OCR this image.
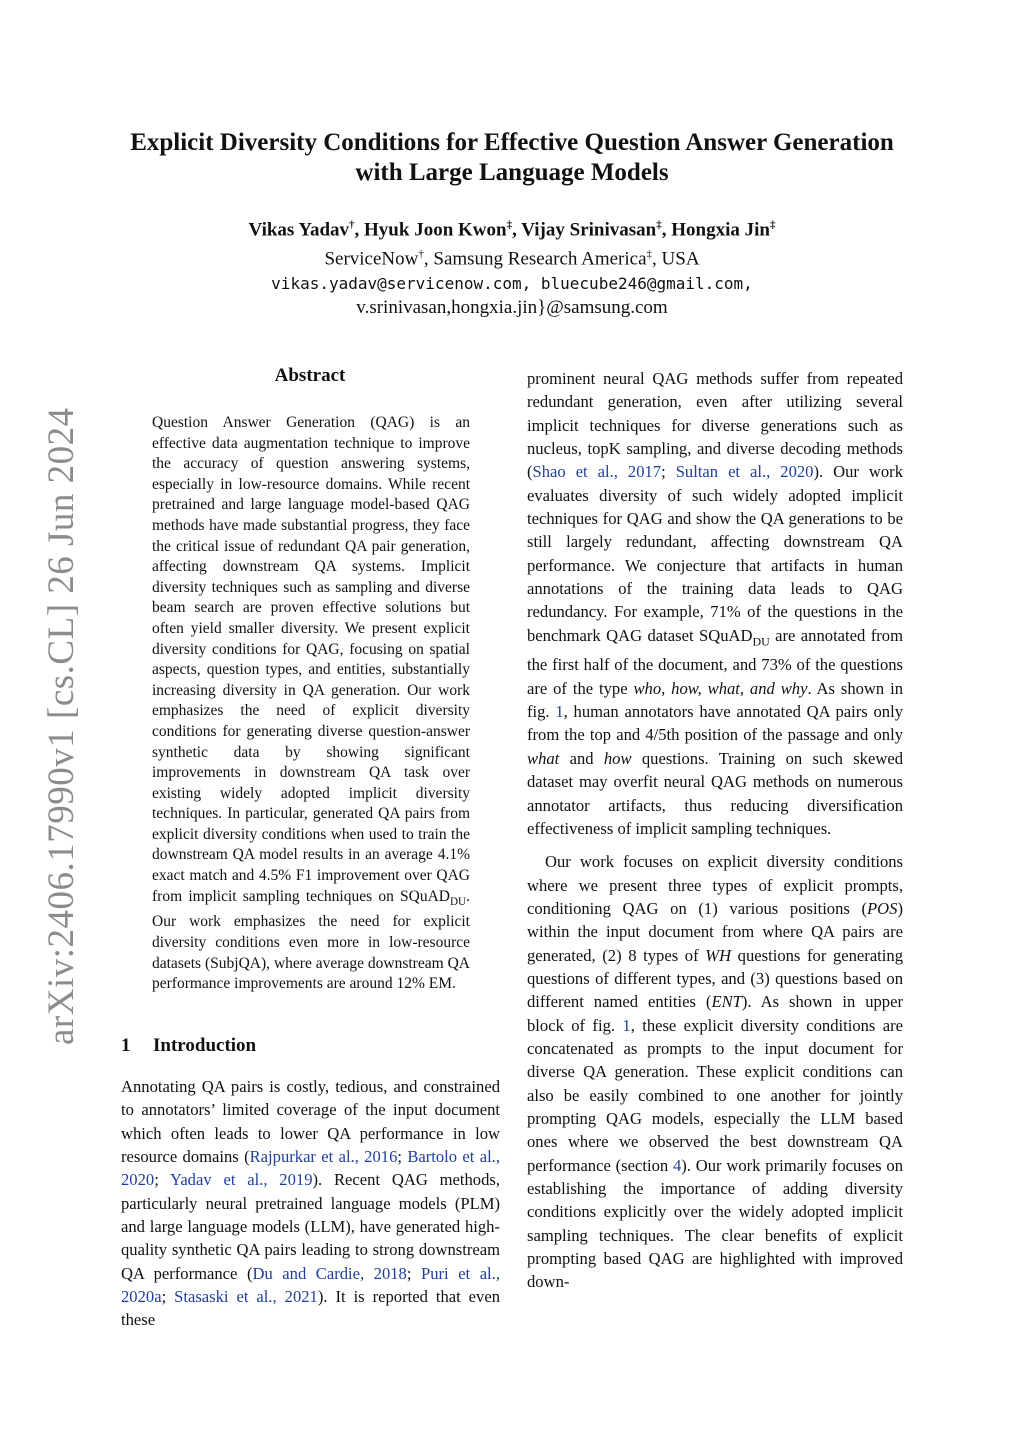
arXiv:2406.17990v1 [cs.CL] 26 Jun 2024
Explicit Diversity Conditions for Effective Question Answer Generation
with Large Language Models
Vikas Yadav†, Hyuk Joon Kwon‡, Vijay Srinivasan‡, Hongxia Jin‡
ServiceNow†, Samsung Research America‡, USA
vikas.yadav@servicenow.com, bluecube246@gmail.com,
v.srinivasan,hongxia.jin}@samsung.com
Abstract

Question Answer Generation (QAG) is an effective data augmentation technique to improve the accuracy of question answering systems, especially in low-resource domains. While recent pretrained and large language model-based QAG methods have made substantial progress, they face the critical issue of redundant QA pair generation, affecting downstream QA systems. Implicit diversity techniques such as sampling and diverse beam search are proven effective solutions but often yield smaller diversity. We present explicit diversity conditions for QAG, focusing on spatial aspects, question types, and entities, substantially increasing diversity in QA generation. Our work emphasizes the need of explicit diversity conditions for generating diverse question-answer synthetic data by showing significant improvements in downstream QA task over existing widely adopted implicit diversity techniques. In particular, generated QA pairs from explicit diversity conditions when used to train the downstream QA model results in an average 4.1% exact match and 4.5% F1 improvement over QAG from implicit sampling techniques on SQuAD$_{DU}$. Our work emphasizes the need for explicit diversity conditions even more in low-resource datasets (SubjQA), where average downstream QA performance improvements are around 12% EM.

1 Introduction

Annotating QA pairs is costly, tedious, and constrained to annotators’ limited coverage of the input document which often leads to lower QA performance in low resource domains (Rajpurkar et al., 2016; Bartolo et al., 2020; Yadav et al., 2019). Recent QAG methods, particularly neural pretrained language models (PLM) and large language models (LLM), have generated high-quality synthetic QA pairs leading to strong downstream QA performance (Du and Cardie, 2018; Puri et al., 2020a; Stasaski et al., 2021). It is reported that even these

prominent neural QAG methods suffer from repeated redundant generation, even after utilizing several implicit techniques for diverse generations such as nucleus, topK sampling, and diverse decoding methods (Shao et al., 2017; Sultan et al., 2020). Our work evaluates diversity of such widely adopted implicit techniques for QAG and show the QA generations to be still largely redundant, affecting downstream QA performance. We conjecture that artifacts in human annotations of the training data leads to QAG redundancy. For example, 71% of the questions in the benchmark QAG dataset SQuAD$_{DU}$ are annotated from the first half of the document, and 73% of the questions are of the type who, how, what, and why. As shown in fig. 1, human annotators have annotated QA pairs only from the top and 4/5th position of the passage and only what and how questions. Training on such skewed dataset may overfit neural QAG methods on numerous annotator artifacts, thus reducing diversification effectiveness of implicit sampling techniques.

Our work focuses on explicit diversity conditions where we present three types of explicit prompts, conditioning QAG on (1) various positions (POS) within the input document from where QA pairs are generated, (2) 8 types of WH questions for generating questions of different types, and (3) questions based on different named entities (ENT). As shown in upper block of fig. 1, these explicit diversity conditions are concatenated as prompts to the input document for diverse QA generation. These explicit conditions can also be easily combined to one another for jointly prompting QAG models, especially the LLM based ones where we observed the best downstream QA performance (section 4). Our work primarily focuses on establishing the importance of adding diversity conditions explicitly over the widely adopted implicit sampling techniques. The clear benefits of explicit prompting based QAG are highlighted with improved down-
